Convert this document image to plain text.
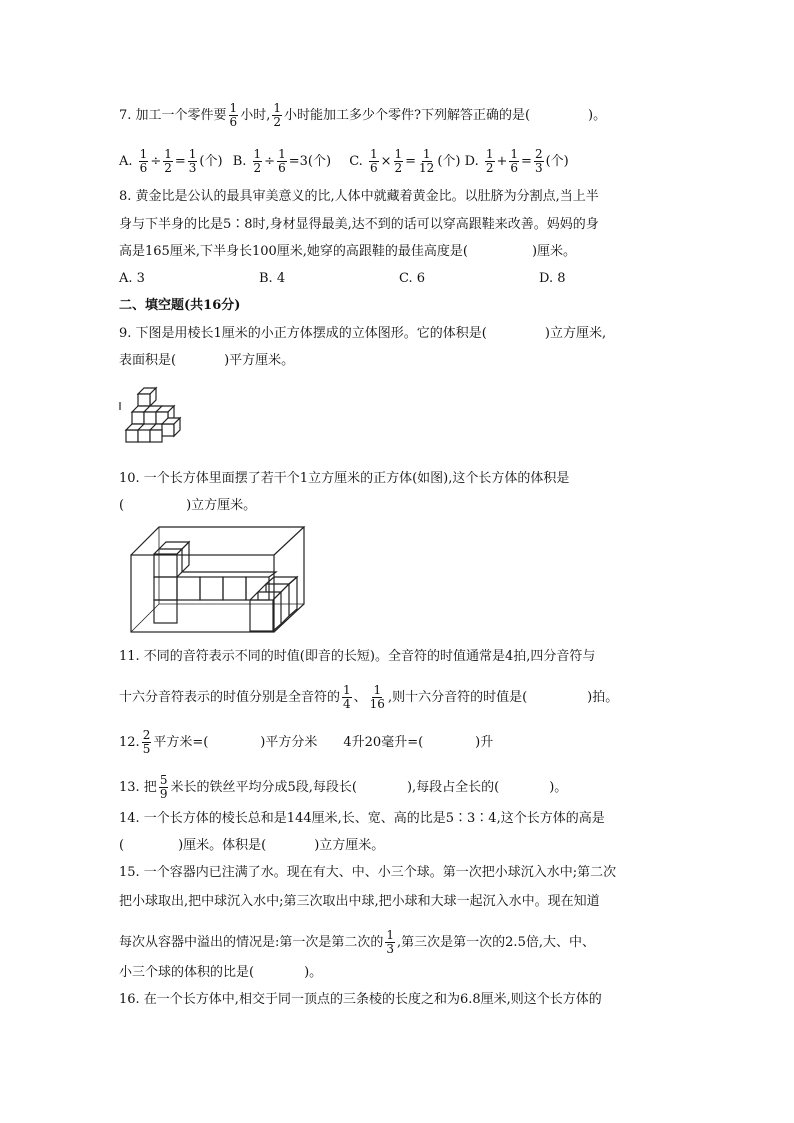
7. 加工一个零件要 $\frac{1}{6}$ 小时, $\frac{1}{2}$ 小时能加工多少个零件?下列解答正确的是(	)。
A. $\frac{1}{6} \div \frac{1}{2} = \frac{1}{3}$ (个) B. $\frac{1}{2} \div \frac{1}{6} =3$(个) C. $\frac{1}{6} \times \frac{1}{2} = \frac{1}{12}$ (个) D. $\frac{1}{2} + \frac{1}{6} = \frac{2}{3}$ (个)
8. 黄金比是公认的最具审美意义的比,人体中就藏着黄金比。以肚脐为分割点,当上半
身与下半身的比是5∶8时,身材显得最美,达不到的话可以穿高跟鞋来改善。妈妈的身
高是165厘米,下半身长100厘米,她穿的高跟鞋的最佳高度是(	)厘米。
A. 3	B. 4	C. 6	D. 8
二、填空题(共16分)
9. 下图是用棱长1厘米的小正方体摆成的立体图形。它的体积是(	)立方厘米,
表面积是(	)平方厘米。
10. 一个长方体里面摆了若干个1立方厘米的正方体(如图),这个长方体的体积是
(	)立方厘米。
11. 不同的音符表示不同的时值(即音的长短)。全音符的时值通常是4拍,四分音符与
十六分音符表示的时值分别是全音符的 $\frac{1}{4}$ 、 $\frac{1}{16}$ ,则十六分音符的时值是(	)拍。
12. $\frac{2}{5}$ 平方米=(	)平方分米 4升20毫升=(	)升
13. 把 $\frac{5}{9}$ 米长的铁丝平均分成5段,每段长(	),每段占全长的(	)。
14. 一个长方体的棱长总和是144厘米,长、宽、高的比是5∶3∶4,这个长方体的高是
(	)厘米。体积是(	)立方厘米。
15. 一个容器内已注满了水。现在有大、中、小三个球。第一次把小球沉入水中;第二次
把小球取出,把中球沉入水中;第三次取出中球,把小球和大球一起沉入水中。现在知道
每次从容器中溢出的情况是:第一次是第二次的 $\frac{1}{3}$ ,第三次是第一次的2.5倍,大、中、
小三个球的体积的比是(	)。
16. 在一个长方体中,相交于同一顶点的三条棱的长度之和为6.8厘米,则这个长方体的
